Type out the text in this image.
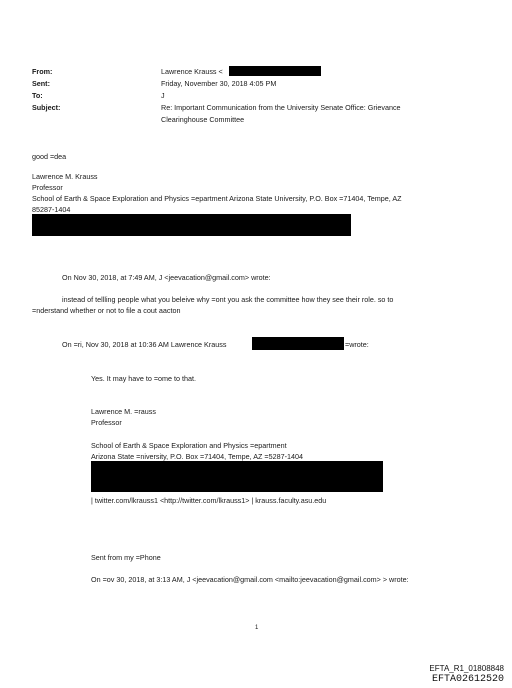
From:	Lawrence Krauss <
Sent:	Friday, November 30, 2018 4:05 PM
To:	J
Subject:	Re: Important Communication from the University Senate Office: Grievance
Clearinghouse Committee
good =dea
Lawrence M. Krauss
Professor
School of Earth & Space Exploration and Physics =epartment Arizona State University, P.O. Box =71404, Tempe, AZ
85287-1404
On Nov 30, 2018, at 7:49 AM, J <jeevacation@gmail.com> wrote:
instead of tellling people what you beleive why =ont you ask the committee how they see their role. so to
=nderstand whether or not to file a cout aacton
On =ri, Nov 30, 2018 at 10:36 AM Lawrence Krauss	=wrote:
Yes. It may have to =ome to that.
Lawrence M. =rauss
Professor
School of Earth & Space Exploration and Physics =epartment
Arizona State =niversity, P.O. Box =71404, Tempe, AZ =5287-1404
| twitter.com/lkrauss1 <http://twitter.com/lkrauss1> | krauss.faculty.asu.edu
Sent from my =Phone
On =ov 30, 2018, at 3:13 AM, J <jeevacation@gmail.com <mailto:jeevacation@gmail.com> > wrote:
1
EFTA_R1_01808848
EFTA02612520
